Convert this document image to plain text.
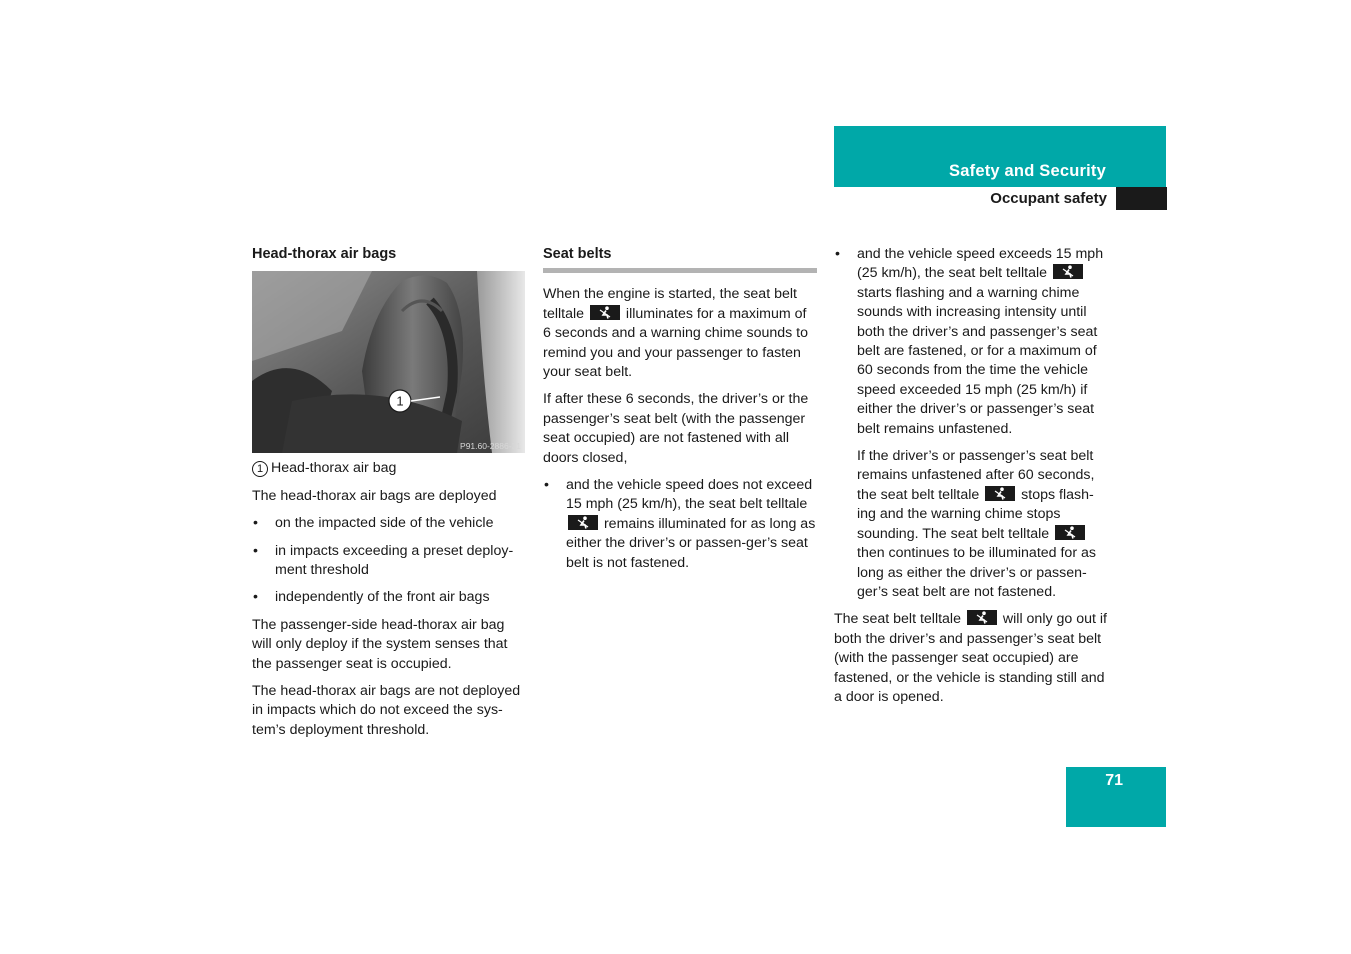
Safety and Security
Occupant safety
Head-thorax air bags
1
P91.60-2886-31

1 Head-thorax air bag

The head-thorax air bags are deployed

• on the impacted side of the vehicle
• in impacts exceeding a preset deploy-ment threshold
• independently of the front air bags

The passenger-side head-thorax air bag will only deploy if the system senses that the passenger seat is occupied.

The head-thorax air bags are not deployed in impacts which do not exceed the sys-tem’s deployment threshold.

Seat belts

When the engine is started, the seat belt telltale	illuminates for a maximum of 6 seconds and a warning chime sounds to remind you and your passenger to fasten your seat belt.

If after these 6 seconds, the driver’s or the passenger’s seat belt (with the passenger seat occupied) are not fastened with all doors closed,

• and the vehicle speed does not exceed 15 mph (25 km/h), the seat belt telltale
remains illuminated for as long as either the driver’s or passen-ger’s seat belt is not fastened.
• and the vehicle speed exceeds 15 mph (25 km/h), the seat belt telltale
starts flashing and a warning chime sounds with increasing intensity until both the driver’s and passenger’s seat belt are fastened, or for a maximum of 60 seconds from the time the vehicle speed exceeded 15 mph (25 km/h) if either the driver’s or passenger’s seat belt remains unfastened.

If the driver’s or passenger’s seat belt remains unfastened after 60 seconds, the seat belt telltale	stops flash-ing and the warning chime stops sounding. The seat belt telltale
then continues to be illuminated for as long as either the driver’s or passen-ger’s seat belt are not fastened.

The seat belt telltale	will only go out if both the driver’s and passenger’s seat belt (with the passenger seat occupied) are fastened, or the vehicle is standing still and a door is opened.

71
